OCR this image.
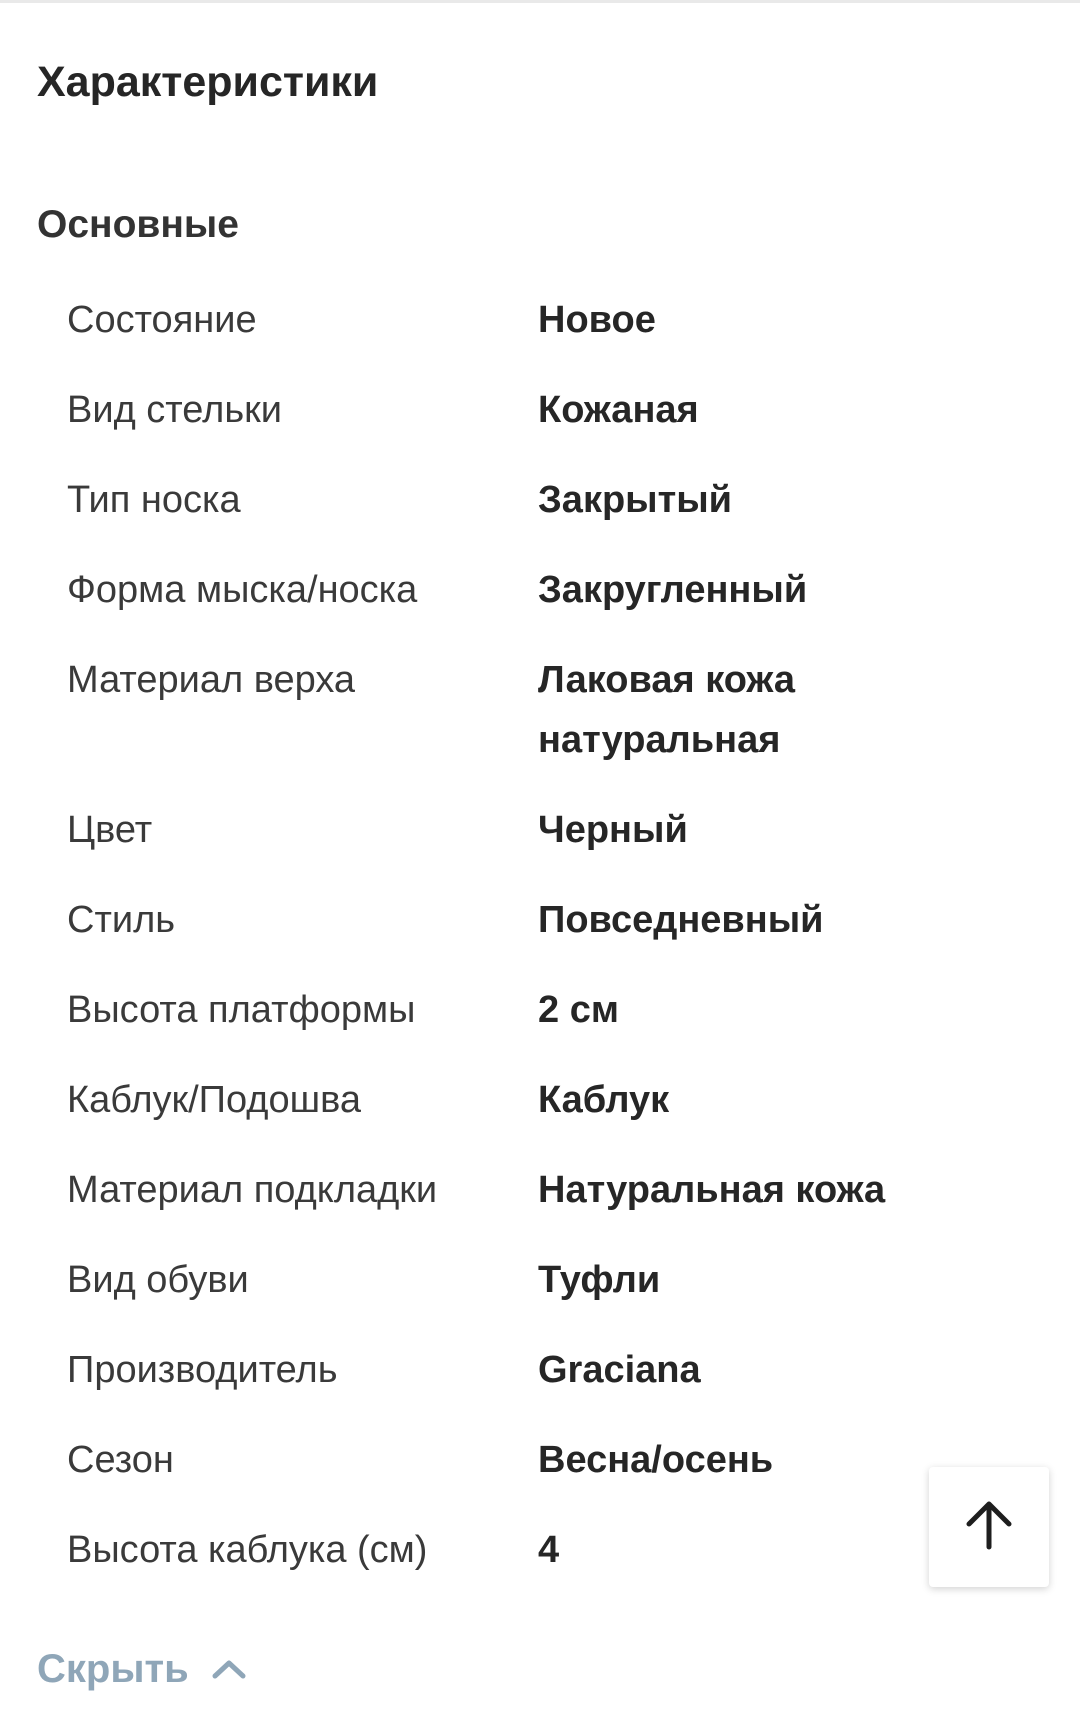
Характеристики
Основные
Состояние	Новое
Вид стельки	Кожаная
Тип носка	Закрытый
Форма мыска/носка	Закругленный
Материал верха	Лаковая кожа натуральная
Цвет	Черный
Стиль	Повседневный
Высота платформы	2 см
Каблук/Подошва	Каблук
Материал подкладки	Натуральная кожа
Вид обуви	Туфли
Производитель	Graciana
Сезон	Весна/осень
Высота каблука (см)	4
Скрыть
